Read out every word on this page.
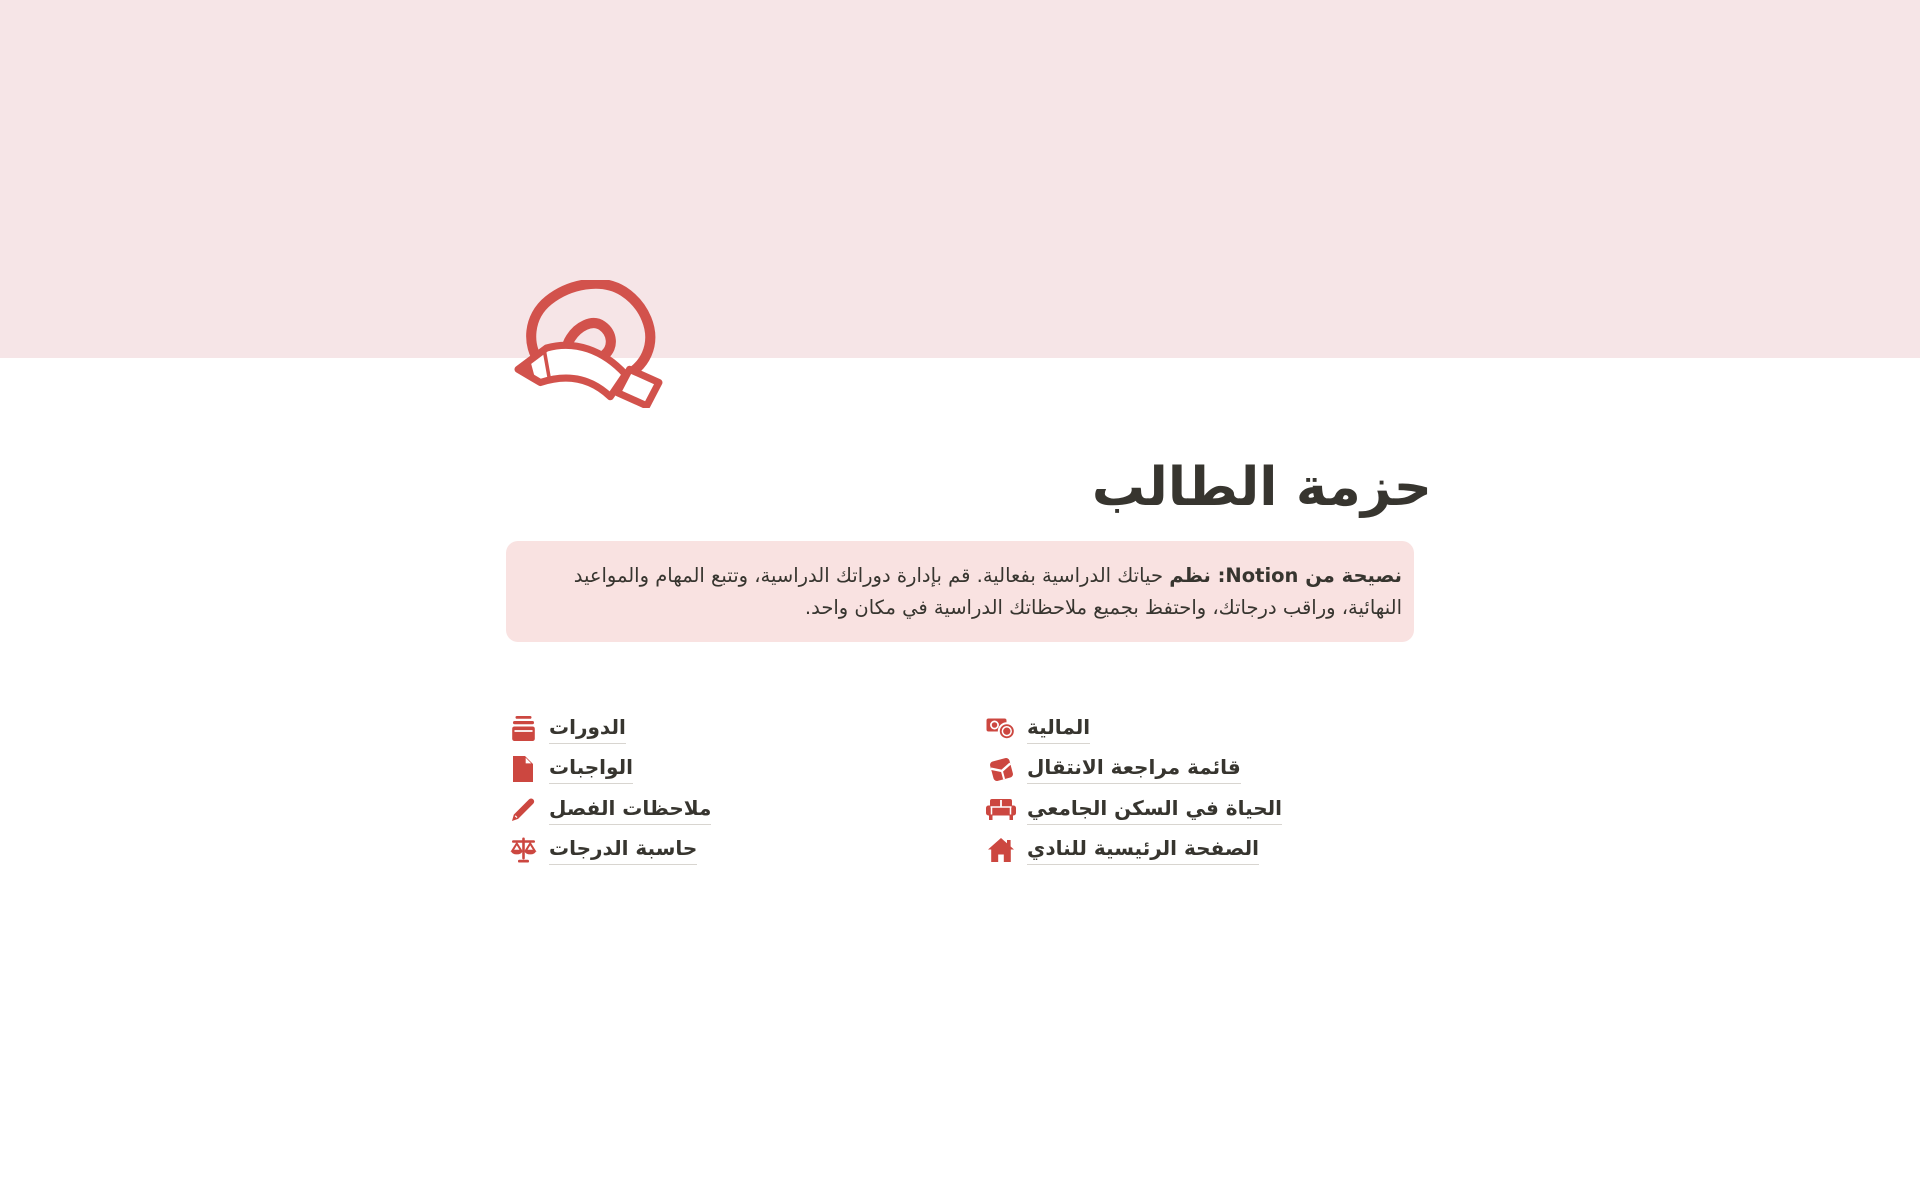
حزمة الطالب
نصيحة من Notion: نظم حياتك الدراسية بفعالية. قم بإدارة دوراتك الدراسية، وتتبع المهام والمواعيد النهائية، وراقب درجاتك، واحتفظ بجميع ملاحظاتك الدراسية في مكان واحد.
المالية
قائمة مراجعة الانتقال
الحياة في السكن الجامعي
الصفحة الرئيسية للنادي
الدورات
الواجبات
ملاحظات الفصل
حاسبة الدرجات
